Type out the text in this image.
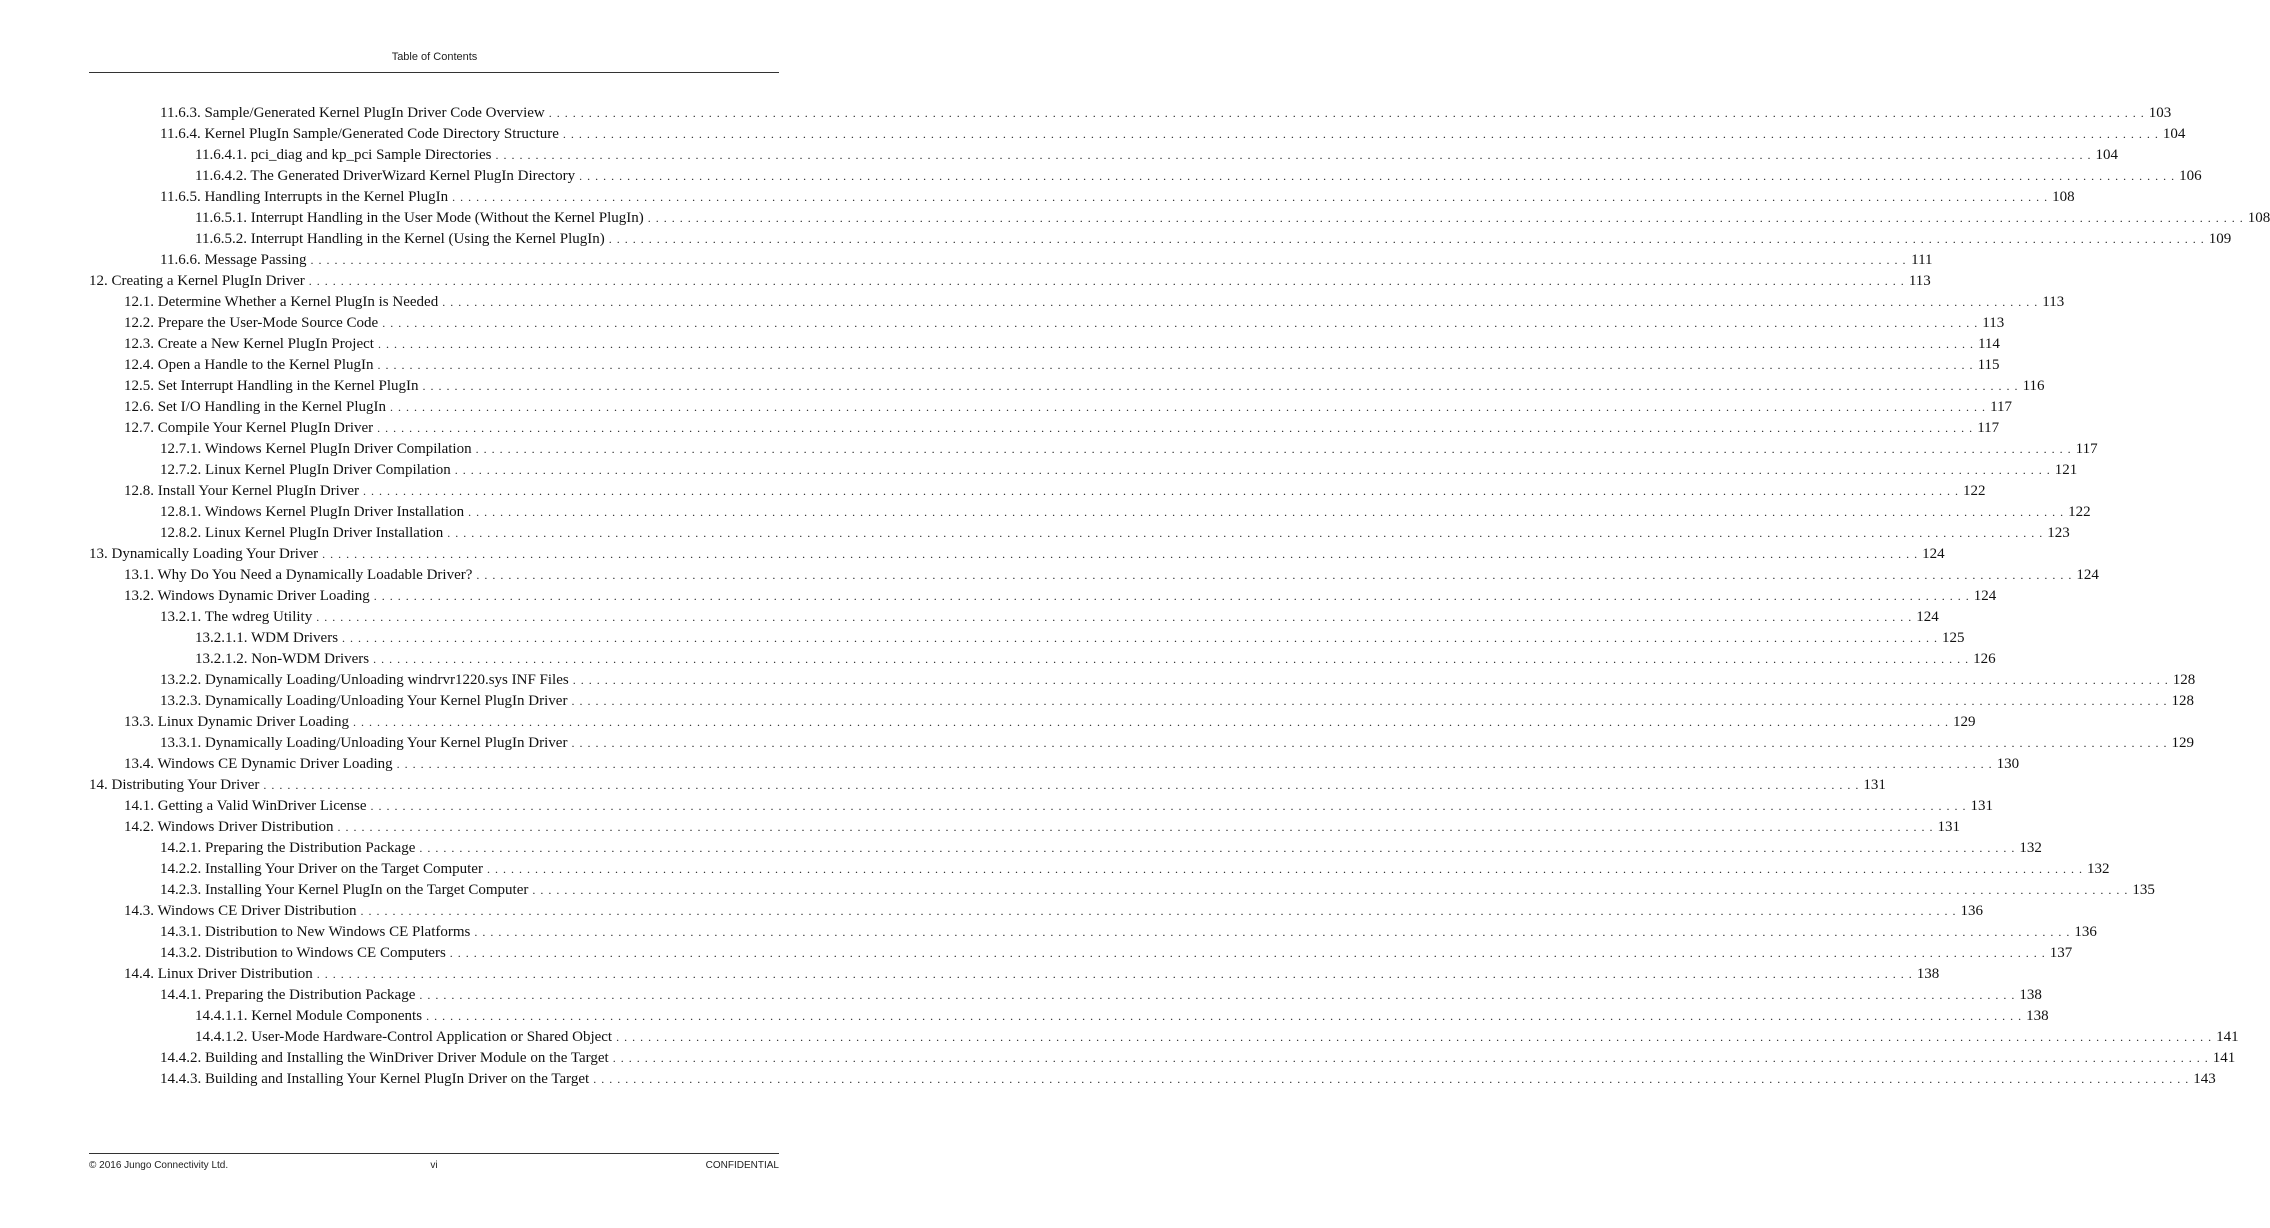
Table of Contents
11.6.3. Sample/Generated Kernel PlugIn Driver Code Overview . . . . . . . . . . . . . . . . . . . . . . . . . . . . . . . . . . . . . . . . . . . . . . . . . . . . . . . . . . . . . . . . . . . . . . . . . . . . . . . . . . . . . . . . . . . . . . . . . . . . . . . . . . . . . . . . . . . . . . . . . . . . . . . . . . . . . . . . . . . . . . . . . . . . . . . . . . . . . . . . . . . . . . . . . . . . . . . . . . . . . . . . . . . . . . . . . . . . . . . . 103
11.6.4. Kernel PlugIn Sample/Generated Code Directory Structure . . . . . . . . . . . . . . . . . . . . . . . . . . . . . . . . . . . . . . . . . . . . . . . . . . . . . . . . . . . . . . . . . . . . . . . . . . . . . . . . . . . . . . . . . . . . . . . . . . . . . . . . . . . . . . . . . . . . . . . . . . . . . . . . . . . . . . . . . . . . . . . . . . . . . . . . . . . . . . . . . . . . . . . . . . . . . . . . . . . . . . . . . . . . . . . . . . . . . . . . 104
11.6.4.1. pci_diag and kp_pci Sample Directories . . . . . . . . . . . . . . . . . . . . . . . . . . . . . . . . . . . . . . . . . . . . . . . . . . . . . . . . . . . . . . . . . . . . . . . . . . . . . . . . . . . . . . . . . . . . . . . . . . . . . . . . . . . . . . . . . . . . . . . . . . . . . . . . . . . . . . . . . . . . . . . . . . . . . . . . . . . . . . . . . . . . . . . . . . . . . . . . . . . . . . . . . . . . . . . . . . . . . . . . 104
11.6.4.2. The Generated DriverWizard Kernel PlugIn Directory . . . . . . . . . . . . . . . . . . . . . . . . . . . . . . . . . . . . . . . . . . . . . . . . . . . . . . . . . . . . . . . . . . . . . . . . . . . . . . . . . . . . . . . . . . . . . . . . . . . . . . . . . . . . . . . . . . . . . . . . . . . . . . . . . . . . . . . . . . . . . . . . . . . . . . . . . . . . . . . . . . . . . . . . . . . . . . . . . . . . . . . . . . . . . . . . . . . . . . . . 106
11.6.5. Handling Interrupts in the Kernel PlugIn . . . . . . . . . . . . . . . . . . . . . . . . . . . . . . . . . . . . . . . . . . . . . . . . . . . . . . . . . . . . . . . . . . . . . . . . . . . . . . . . . . . . . . . . . . . . . . . . . . . . . . . . . . . . . . . . . . . . . . . . . . . . . . . . . . . . . . . . . . . . . . . . . . . . . . . . . . . . . . . . . . . . . . . . . . . . . . . . . . . . . . . . . . . . . . . . . . . . . . . . 108
11.6.5.1. Interrupt Handling in the User Mode (Without the Kernel PlugIn) . . . . . . . . . . . . . . . . . . . . . . . . . . . . . . . . . . . . . . . . . . . . . . . . . . . . . . . . . . . . . . . . . . . . . . . . . . . . . . . . . . . . . . . . . . . . . . . . . . . . . . . . . . . . . . . . . . . . . . . . . . . . . . . . . . . . . . . . . . . . . . . . . . . . . . . . . . . . . . . . . . . . . . . . . . . . . . . . . . . . . . . . . . . . . . . . . . . . . . . . 108
11.6.5.2. Interrupt Handling in the Kernel (Using the Kernel PlugIn) . . . . . . . . . . . . . . . . . . . . . . . . . . . . . . . . . . . . . . . . . . . . . . . . . . . . . . . . . . . . . . . . . . . . . . . . . . . . . . . . . . . . . . . . . . . . . . . . . . . . . . . . . . . . . . . . . . . . . . . . . . . . . . . . . . . . . . . . . . . . . . . . . . . . . . . . . . . . . . . . . . . . . . . . . . . . . . . . . . . . . . . . . . . . . . . . . . . . . . . . 109
11.6.6. Message Passing . . . . . . . . . . . . . . . . . . . . . . . . . . . . . . . . . . . . . . . . . . . . . . . . . . . . . . . . . . . . . . . . . . . . . . . . . . . . . . . . . . . . . . . . . . . . . . . . . . . . . . . . . . . . . . . . . . . . . . . . . . . . . . . . . . . . . . . . . . . . . . . . . . . . . . . . . . . . . . . . . . . . . . . . . . . . . . . . . . . . . . . . . . . . . . . . . . . . . . . . 111
12. Creating a Kernel PlugIn Driver . . . . . . . . . . . . . . . . . . . . . . . . . . . . . . . . . . . . . . . . . . . . . . . . . . . . . . . . . . . . . . . . . . . . . . . . . . . . . . . . . . . . . . . . . . . . . . . . . . . . . . . . . . . . . . . . . . . . . . . . . . . . . . . . . . . . . . . . . . . . . . . . . . . . . . . . . . . . . . . . . . . . . . . . . . . . . . . . . . . . . . . . . . . . . . . . . . . . . . . . 113
12.1. Determine Whether a Kernel PlugIn is Needed . . . . . . . . . . . . . . . . . . . . . . . . . . . . . . . . . . . . . . . . . . . . . . . . . . . . . . . . . . . . . . . . . . . . . . . . . . . . . . . . . . . . . . . . . . . . . . . . . . . . . . . . . . . . . . . . . . . . . . . . . . . . . . . . . . . . . . . . . . . . . . . . . . . . . . . . . . . . . . . . . . . . . . . . . . . . . . . . . . . . . . . . . . . . . . . . . . . . . . . . 113
12.2. Prepare the User-Mode Source Code . . . . . . . . . . . . . . . . . . . . . . . . . . . . . . . . . . . . . . . . . . . . . . . . . . . . . . . . . . . . . . . . . . . . . . . . . . . . . . . . . . . . . . . . . . . . . . . . . . . . . . . . . . . . . . . . . . . . . . . . . . . . . . . . . . . . . . . . . . . . . . . . . . . . . . . . . . . . . . . . . . . . . . . . . . . . . . . . . . . . . . . . . . . . . . . . . . . . . . . . 113
12.3. Create a New Kernel PlugIn Project . . . . . . . . . . . . . . . . . . . . . . . . . . . . . . . . . . . . . . . . . . . . . . . . . . . . . . . . . . . . . . . . . . . . . . . . . . . . . . . . . . . . . . . . . . . . . . . . . . . . . . . . . . . . . . . . . . . . . . . . . . . . . . . . . . . . . . . . . . . . . . . . . . . . . . . . . . . . . . . . . . . . . . . . . . . . . . . . . . . . . . . . . . . . . . . . . . . . . . . . 114
12.4. Open a Handle to the Kernel PlugIn . . . . . . . . . . . . . . . . . . . . . . . . . . . . . . . . . . . . . . . . . . . . . . . . . . . . . . . . . . . . . . . . . . . . . . . . . . . . . . . . . . . . . . . . . . . . . . . . . . . . . . . . . . . . . . . . . . . . . . . . . . . . . . . . . . . . . . . . . . . . . . . . . . . . . . . . . . . . . . . . . . . . . . . . . . . . . . . . . . . . . . . . . . . . . . . . . . . . . . . . 115
12.5. Set Interrupt Handling in the Kernel PlugIn . . . . . . . . . . . . . . . . . . . . . . . . . . . . . . . . . . . . . . . . . . . . . . . . . . . . . . . . . . . . . . . . . . . . . . . . . . . . . . . . . . . . . . . . . . . . . . . . . . . . . . . . . . . . . . . . . . . . . . . . . . . . . . . . . . . . . . . . . . . . . . . . . . . . . . . . . . . . . . . . . . . . . . . . . . . . . . . . . . . . . . . . . . . . . . . . . . . . . . . . 116
12.6. Set I/O Handling in the Kernel PlugIn . . . . . . . . . . . . . . . . . . . . . . . . . . . . . . . . . . . . . . . . . . . . . . . . . . . . . . . . . . . . . . . . . . . . . . . . . . . . . . . . . . . . . . . . . . . . . . . . . . . . . . . . . . . . . . . . . . . . . . . . . . . . . . . . . . . . . . . . . . . . . . . . . . . . . . . . . . . . . . . . . . . . . . . . . . . . . . . . . . . . . . . . . . . . . . . . . . . . . . . . 117
12.7. Compile Your Kernel PlugIn Driver . . . . . . . . . . . . . . . . . . . . . . . . . . . . . . . . . . . . . . . . . . . . . . . . . . . . . . . . . . . . . . . . . . . . . . . . . . . . . . . . . . . . . . . . . . . . . . . . . . . . . . . . . . . . . . . . . . . . . . . . . . . . . . . . . . . . . . . . . . . . . . . . . . . . . . . . . . . . . . . . . . . . . . . . . . . . . . . . . . . . . . . . . . . . . . . . . . . . . . . . 117
12.7.1. Windows Kernel PlugIn Driver Compilation . . . . . . . . . . . . . . . . . . . . . . . . . . . . . . . . . . . . . . . . . . . . . . . . . . . . . . . . . . . . . . . . . . . . . . . . . . . . . . . . . . . . . . . . . . . . . . . . . . . . . . . . . . . . . . . . . . . . . . . . . . . . . . . . . . . . . . . . . . . . . . . . . . . . . . . . . . . . . . . . . . . . . . . . . . . . . . . . . . . . . . . . . . . . . . . . . . . . . . . . 117
12.7.2. Linux Kernel PlugIn Driver Compilation . . . . . . . . . . . . . . . . . . . . . . . . . . . . . . . . . . . . . . . . . . . . . . . . . . . . . . . . . . . . . . . . . . . . . . . . . . . . . . . . . . . . . . . . . . . . . . . . . . . . . . . . . . . . . . . . . . . . . . . . . . . . . . . . . . . . . . . . . . . . . . . . . . . . . . . . . . . . . . . . . . . . . . . . . . . . . . . . . . . . . . . . . . . . . . . . . . . . . . . . 121
12.8. Install Your Kernel PlugIn Driver . . . . . . . . . . . . . . . . . . . . . . . . . . . . . . . . . . . . . . . . . . . . . . . . . . . . . . . . . . . . . . . . . . . . . . . . . . . . . . . . . . . . . . . . . . . . . . . . . . . . . . . . . . . . . . . . . . . . . . . . . . . . . . . . . . . . . . . . . . . . . . . . . . . . . . . . . . . . . . . . . . . . . . . . . . . . . . . . . . . . . . . . . . . . . . . . . . . . . . . . 122
12.8.1. Windows Kernel PlugIn Driver Installation . . . . . . . . . . . . . . . . . . . . . . . . . . . . . . . . . . . . . . . . . . . . . . . . . . . . . . . . . . . . . . . . . . . . . . . . . . . . . . . . . . . . . . . . . . . . . . . . . . . . . . . . . . . . . . . . . . . . . . . . . . . . . . . . . . . . . . . . . . . . . . . . . . . . . . . . . . . . . . . . . . . . . . . . . . . . . . . . . . . . . . . . . . . . . . . . . . . . . . . . 122
12.8.2. Linux Kernel PlugIn Driver Installation . . . . . . . . . . . . . . . . . . . . . . . . . . . . . . . . . . . . . . . . . . . . . . . . . . . . . . . . . . . . . . . . . . . . . . . . . . . . . . . . . . . . . . . . . . . . . . . . . . . . . . . . . . . . . . . . . . . . . . . . . . . . . . . . . . . . . . . . . . . . . . . . . . . . . . . . . . . . . . . . . . . . . . . . . . . . . . . . . . . . . . . . . . . . . . . . . . . . . . . . 123
13. Dynamically Loading Your Driver . . . . . . . . . . . . . . . . . . . . . . . . . . . . . . . . . . . . . . . . . . . . . . . . . . . . . . . . . . . . . . . . . . . . . . . . . . . . . . . . . . . . . . . . . . . . . . . . . . . . . . . . . . . . . . . . . . . . . . . . . . . . . . . . . . . . . . . . . . . . . . . . . . . . . . . . . . . . . . . . . . . . . . . . . . . . . . . . . . . . . . . . . . . . . . . . . . . . . . . . 124
13.1. Why Do You Need a Dynamically Loadable Driver? . . . . . . . . . . . . . . . . . . . . . . . . . . . . . . . . . . . . . . . . . . . . . . . . . . . . . . . . . . . . . . . . . . . . . . . . . . . . . . . . . . . . . . . . . . . . . . . . . . . . . . . . . . . . . . . . . . . . . . . . . . . . . . . . . . . . . . . . . . . . . . . . . . . . . . . . . . . . . . . . . . . . . . . . . . . . . . . . . . . . . . . . . . . . . . . . . . . . . . . . 124
13.2. Windows Dynamic Driver Loading . . . . . . . . . . . . . . . . . . . . . . . . . . . . . . . . . . . . . . . . . . . . . . . . . . . . . . . . . . . . . . . . . . . . . . . . . . . . . . . . . . . . . . . . . . . . . . . . . . . . . . . . . . . . . . . . . . . . . . . . . . . . . . . . . . . . . . . . . . . . . . . . . . . . . . . . . . . . . . . . . . . . . . . . . . . . . . . . . . . . . . . . . . . . . . . . . . . . . . . . 124
13.2.1. The wdreg Utility . . . . . . . . . . . . . . . . . . . . . . . . . . . . . . . . . . . . . . . . . . . . . . . . . . . . . . . . . . . . . . . . . . . . . . . . . . . . . . . . . . . . . . . . . . . . . . . . . . . . . . . . . . . . . . . . . . . . . . . . . . . . . . . . . . . . . . . . . . . . . . . . . . . . . . . . . . . . . . . . . . . . . . . . . . . . . . . . . . . . . . . . . . . . . . . . . . . . . . . . 124
13.2.1.1. WDM Drivers . . . . . . . . . . . . . . . . . . . . . . . . . . . . . . . . . . . . . . . . . . . . . . . . . . . . . . . . . . . . . . . . . . . . . . . . . . . . . . . . . . . . . . . . . . . . . . . . . . . . . . . . . . . . . . . . . . . . . . . . . . . . . . . . . . . . . . . . . . . . . . . . . . . . . . . . . . . . . . . . . . . . . . . . . . . . . . . . . . . . . . . . . . . . . . . . . . . . . . . . 125
13.2.1.2. Non-WDM Drivers . . . . . . . . . . . . . . . . . . . . . . . . . . . . . . . . . . . . . . . . . . . . . . . . . . . . . . . . . . . . . . . . . . . . . . . . . . . . . . . . . . . . . . . . . . . . . . . . . . . . . . . . . . . . . . . . . . . . . . . . . . . . . . . . . . . . . . . . . . . . . . . . . . . . . . . . . . . . . . . . . . . . . . . . . . . . . . . . . . . . . . . . . . . . . . . . . . . . . . . . 126
13.2.2. Dynamically Loading/Unloading windrvr1220.sys INF Files . . . . . . . . . . . . . . . . . . . . . . . . . . . . . . . . . . . . . . . . . . . . . . . . . . . . . . . . . . . . . . . . . . . . . . . . . . . . . . . . . . . . . . . . . . . . . . . . . . . . . . . . . . . . . . . . . . . . . . . . . . . . . . . . . . . . . . . . . . . . . . . . . . . . . . . . . . . . . . . . . . . . . . . . . . . . . . . . . . . . . . . . . . . . . . . . . . . . . . . . 128
13.2.3. Dynamically Loading/Unloading Your Kernel PlugIn Driver . . . . . . . . . . . . . . . . . . . . . . . . . . . . . . . . . . . . . . . . . . . . . . . . . . . . . . . . . . . . . . . . . . . . . . . . . . . . . . . . . . . . . . . . . . . . . . . . . . . . . . . . . . . . . . . . . . . . . . . . . . . . . . . . . . . . . . . . . . . . . . . . . . . . . . . . . . . . . . . . . . . . . . . . . . . . . . . . . . . . . . . . . . . . . . . . . . . . . . . . 128
13.3. Linux Dynamic Driver Loading . . . . . . . . . . . . . . . . . . . . . . . . . . . . . . . . . . . . . . . . . . . . . . . . . . . . . . . . . . . . . . . . . . . . . . . . . . . . . . . . . . . . . . . . . . . . . . . . . . . . . . . . . . . . . . . . . . . . . . . . . . . . . . . . . . . . . . . . . . . . . . . . . . . . . . . . . . . . . . . . . . . . . . . . . . . . . . . . . . . . . . . . . . . . . . . . . . . . . . . . 129
13.3.1. Dynamically Loading/Unloading Your Kernel PlugIn Driver . . . . . . . . . . . . . . . . . . . . . . . . . . . . . . . . . . . . . . . . . . . . . . . . . . . . . . . . . . . . . . . . . . . . . . . . . . . . . . . . . . . . . . . . . . . . . . . . . . . . . . . . . . . . . . . . . . . . . . . . . . . . . . . . . . . . . . . . . . . . . . . . . . . . . . . . . . . . . . . . . . . . . . . . . . . . . . . . . . . . . . . . . . . . . . . . . . . . . . . . 129
13.4. Windows CE Dynamic Driver Loading . . . . . . . . . . . . . . . . . . . . . . . . . . . . . . . . . . . . . . . . . . . . . . . . . . . . . . . . . . . . . . . . . . . . . . . . . . . . . . . . . . . . . . . . . . . . . . . . . . . . . . . . . . . . . . . . . . . . . . . . . . . . . . . . . . . . . . . . . . . . . . . . . . . . . . . . . . . . . . . . . . . . . . . . . . . . . . . . . . . . . . . . . . . . . . . . . . . . . . . . 130
14. Distributing Your Driver . . . . . . . . . . . . . . . . . . . . . . . . . . . . . . . . . . . . . . . . . . . . . . . . . . . . . . . . . . . . . . . . . . . . . . . . . . . . . . . . . . . . . . . . . . . . . . . . . . . . . . . . . . . . . . . . . . . . . . . . . . . . . . . . . . . . . . . . . . . . . . . . . . . . . . . . . . . . . . . . . . . . . . . . . . . . . . . . . . . . . . . . . . . . . . . . . . . . . . . . 131
14.1. Getting a Valid WinDriver License . . . . . . . . . . . . . . . . . . . . . . . . . . . . . . . . . . . . . . . . . . . . . . . . . . . . . . . . . . . . . . . . . . . . . . . . . . . . . . . . . . . . . . . . . . . . . . . . . . . . . . . . . . . . . . . . . . . . . . . . . . . . . . . . . . . . . . . . . . . . . . . . . . . . . . . . . . . . . . . . . . . . . . . . . . . . . . . . . . . . . . . . . . . . . . . . . . . . . . . . 131
14.2. Windows Driver Distribution . . . . . . . . . . . . . . . . . . . . . . . . . . . . . . . . . . . . . . . . . . . . . . . . . . . . . . . . . . . . . . . . . . . . . . . . . . . . . . . . . . . . . . . . . . . . . . . . . . . . . . . . . . . . . . . . . . . . . . . . . . . . . . . . . . . . . . . . . . . . . . . . . . . . . . . . . . . . . . . . . . . . . . . . . . . . . . . . . . . . . . . . . . . . . . . . . . . . . . . . 131
14.2.1. Preparing the Distribution Package . . . . . . . . . . . . . . . . . . . . . . . . . . . . . . . . . . . . . . . . . . . . . . . . . . . . . . . . . . . . . . . . . . . . . . . . . . . . . . . . . . . . . . . . . . . . . . . . . . . . . . . . . . . . . . . . . . . . . . . . . . . . . . . . . . . . . . . . . . . . . . . . . . . . . . . . . . . . . . . . . . . . . . . . . . . . . . . . . . . . . . . . . . . . . . . . . . . . . . . . 132
14.2.2. Installing Your Driver on the Target Computer . . . . . . . . . . . . . . . . . . . . . . . . . . . . . . . . . . . . . . . . . . . . . . . . . . . . . . . . . . . . . . . . . . . . . . . . . . . . . . . . . . . . . . . . . . . . . . . . . . . . . . . . . . . . . . . . . . . . . . . . . . . . . . . . . . . . . . . . . . . . . . . . . . . . . . . . . . . . . . . . . . . . . . . . . . . . . . . . . . . . . . . . . . . . . . . . . . . . . . . . 132
14.2.3. Installing Your Kernel PlugIn on the Target Computer . . . . . . . . . . . . . . . . . . . . . . . . . . . . . . . . . . . . . . . . . . . . . . . . . . . . . . . . . . . . . . . . . . . . . . . . . . . . . . . . . . . . . . . . . . . . . . . . . . . . . . . . . . . . . . . . . . . . . . . . . . . . . . . . . . . . . . . . . . . . . . . . . . . . . . . . . . . . . . . . . . . . . . . . . . . . . . . . . . . . . . . . . . . . . . . . . . . . . . . . 135
14.3. Windows CE Driver Distribution . . . . . . . . . . . . . . . . . . . . . . . . . . . . . . . . . . . . . . . . . . . . . . . . . . . . . . . . . . . . . . . . . . . . . . . . . . . . . . . . . . . . . . . . . . . . . . . . . . . . . . . . . . . . . . . . . . . . . . . . . . . . . . . . . . . . . . . . . . . . . . . . . . . . . . . . . . . . . . . . . . . . . . . . . . . . . . . . . . . . . . . . . . . . . . . . . . . . . . . . 136
14.3.1. Distribution to New Windows CE Platforms . . . . . . . . . . . . . . . . . . . . . . . . . . . . . . . . . . . . . . . . . . . . . . . . . . . . . . . . . . . . . . . . . . . . . . . . . . . . . . . . . . . . . . . . . . . . . . . . . . . . . . . . . . . . . . . . . . . . . . . . . . . . . . . . . . . . . . . . . . . . . . . . . . . . . . . . . . . . . . . . . . . . . . . . . . . . . . . . . . . . . . . . . . . . . . . . . . . . . . . . 136
14.3.2. Distribution to Windows CE Computers . . . . . . . . . . . . . . . . . . . . . . . . . . . . . . . . . . . . . . . . . . . . . . . . . . . . . . . . . . . . . . . . . . . . . . . . . . . . . . . . . . . . . . . . . . . . . . . . . . . . . . . . . . . . . . . . . . . . . . . . . . . . . . . . . . . . . . . . . . . . . . . . . . . . . . . . . . . . . . . . . . . . . . . . . . . . . . . . . . . . . . . . . . . . . . . . . . . . . . . . 137
14.4. Linux Driver Distribution . . . . . . . . . . . . . . . . . . . . . . . . . . . . . . . . . . . . . . . . . . . . . . . . . . . . . . . . . . . . . . . . . . . . . . . . . . . . . . . . . . . . . . . . . . . . . . . . . . . . . . . . . . . . . . . . . . . . . . . . . . . . . . . . . . . . . . . . . . . . . . . . . . . . . . . . . . . . . . . . . . . . . . . . . . . . . . . . . . . . . . . . . . . . . . . . . . . . . . . . 138
14.4.1. Preparing the Distribution Package . . . . . . . . . . . . . . . . . . . . . . . . . . . . . . . . . . . . . . . . . . . . . . . . . . . . . . . . . . . . . . . . . . . . . . . . . . . . . . . . . . . . . . . . . . . . . . . . . . . . . . . . . . . . . . . . . . . . . . . . . . . . . . . . . . . . . . . . . . . . . . . . . . . . . . . . . . . . . . . . . . . . . . . . . . . . . . . . . . . . . . . . . . . . . . . . . . . . . . . . 138
14.4.1.1. Kernel Module Components . . . . . . . . . . . . . . . . . . . . . . . . . . . . . . . . . . . . . . . . . . . . . . . . . . . . . . . . . . . . . . . . . . . . . . . . . . . . . . . . . . . . . . . . . . . . . . . . . . . . . . . . . . . . . . . . . . . . . . . . . . . . . . . . . . . . . . . . . . . . . . . . . . . . . . . . . . . . . . . . . . . . . . . . . . . . . . . . . . . . . . . . . . . . . . . . . . . . . . . . 138
14.4.1.2. User-Mode Hardware-Control Application or Shared Object . . . . . . . . . . . . . . . . . . . . . . . . . . . . . . . . . . . . . . . . . . . . . . . . . . . . . . . . . . . . . . . . . . . . . . . . . . . . . . . . . . . . . . . . . . . . . . . . . . . . . . . . . . . . . . . . . . . . . . . . . . . . . . . . . . . . . . . . . . . . . . . . . . . . . . . . . . . . . . . . . . . . . . . . . . . . . . . . . . . . . . . . . . . . . . . . . . . . . . . . 141
14.4.2. Building and Installing the WinDriver Driver Module on the Target . . . . . . . . . . . . . . . . . . . . . . . . . . . . . . . . . . . . . . . . . . . . . . . . . . . . . . . . . . . . . . . . . . . . . . . . . . . . . . . . . . . . . . . . . . . . . . . . . . . . . . . . . . . . . . . . . . . . . . . . . . . . . . . . . . . . . . . . . . . . . . . . . . . . . . . . . . . . . . . . . . . . . . . . . . . . . . . . . . . . . . . . . . . . . . . . . . . . . . . . 141
14.4.3. Building and Installing Your Kernel PlugIn Driver on the Target . . . . . . . . . . . . . . . . . . . . . . . . . . . . . . . . . . . . . . . . . . . . . . . . . . . . . . . . . . . . . . . . . . . . . . . . . . . . . . . . . . . . . . . . . . . . . . . . . . . . . . . . . . . . . . . . . . . . . . . . . . . . . . . . . . . . . . . . . . . . . . . . . . . . . . . . . . . . . . . . . . . . . . . . . . . . . . . . . . . . . . . . . . . . . . . . . . . . . . . . 143
© 2016 Jungo Connectivity Ltd.	vi	CONFIDENTIAL
